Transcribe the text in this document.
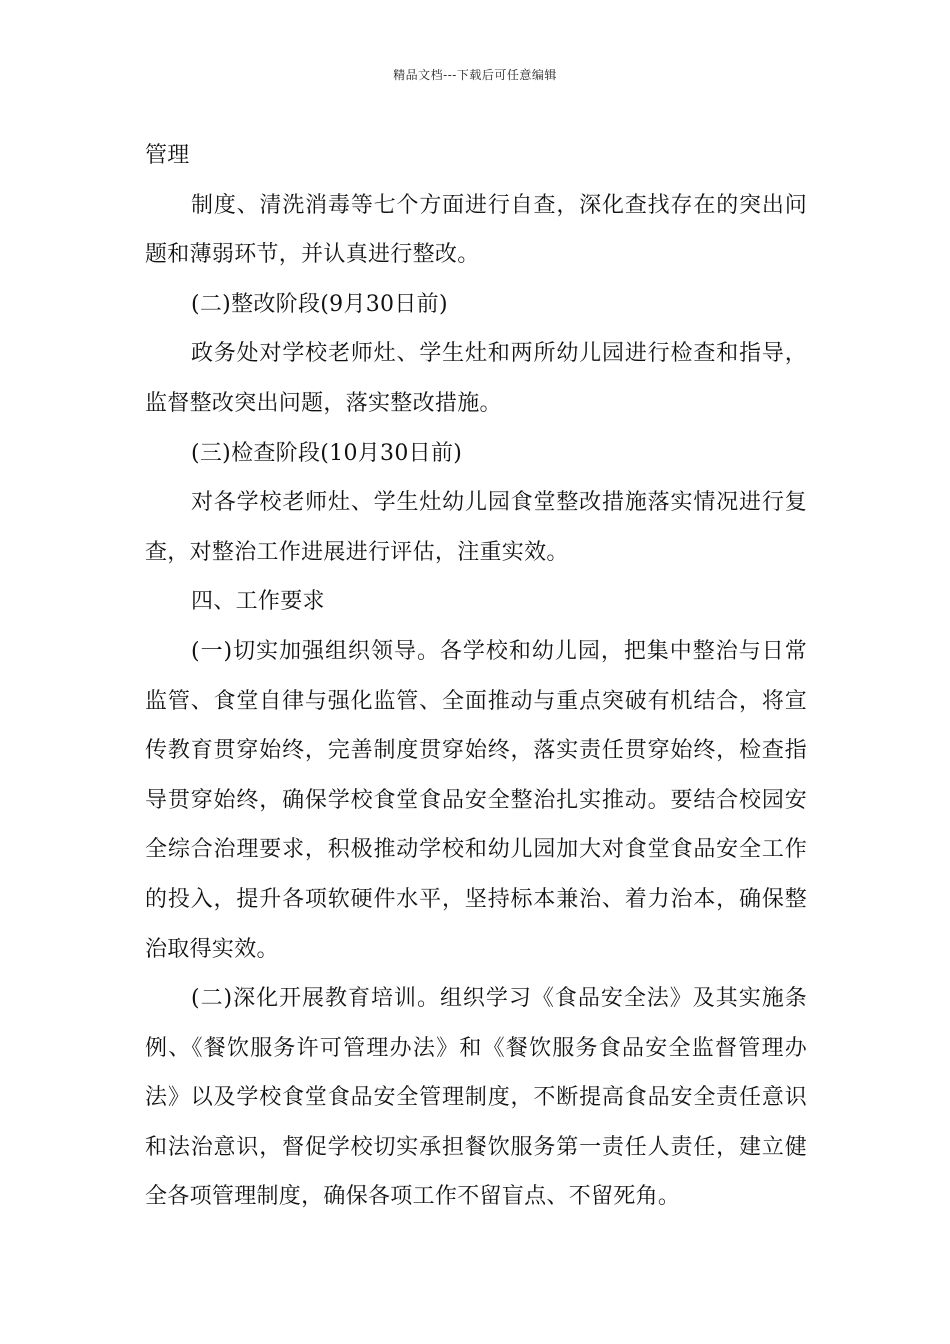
精品文档---下载后可任意编辑

管理

制度、清洗消毒等七个方面进行自查，深化查找存在的突出问题和薄弱环节，并认真进行整改。

(二)整改阶段(9月30日前)

政务处对学校老师灶、学生灶和两所幼儿园进行检查和指导，监督整改突出问题，落实整改措施。

(三)检查阶段(10月30日前)

对各学校老师灶、学生灶幼儿园食堂整改措施落实情况进行复查，对整治工作进展进行评估，注重实效。

四、工作要求

(一)切实加强组织领导。各学校和幼儿园，把集中整治与日常监管、食堂自律与强化监管、全面推动与重点突破有机结合，将宣传教育贯穿始终，完善制度贯穿始终，落实责任贯穿始终，检查指导贯穿始终，确保学校食堂食品安全整治扎实推动。要结合校园安全综合治理要求，积极推动学校和幼儿园加大对食堂食品安全工作的投入，提升各项软硬件水平，坚持标本兼治、着力治本，确保整治取得实效。

(二)深化开展教育培训。组织学习《食品安全法》及其实施条例、《餐饮服务许可管理办法》和《餐饮服务食品安全监督管理办法》以及学校食堂食品安全管理制度，不断提高食品安全责任意识和法治意识，督促学校切实承担餐饮服务第一责任人责任，建立健全各项管理制度，确保各项工作不留盲点、不留死角。
